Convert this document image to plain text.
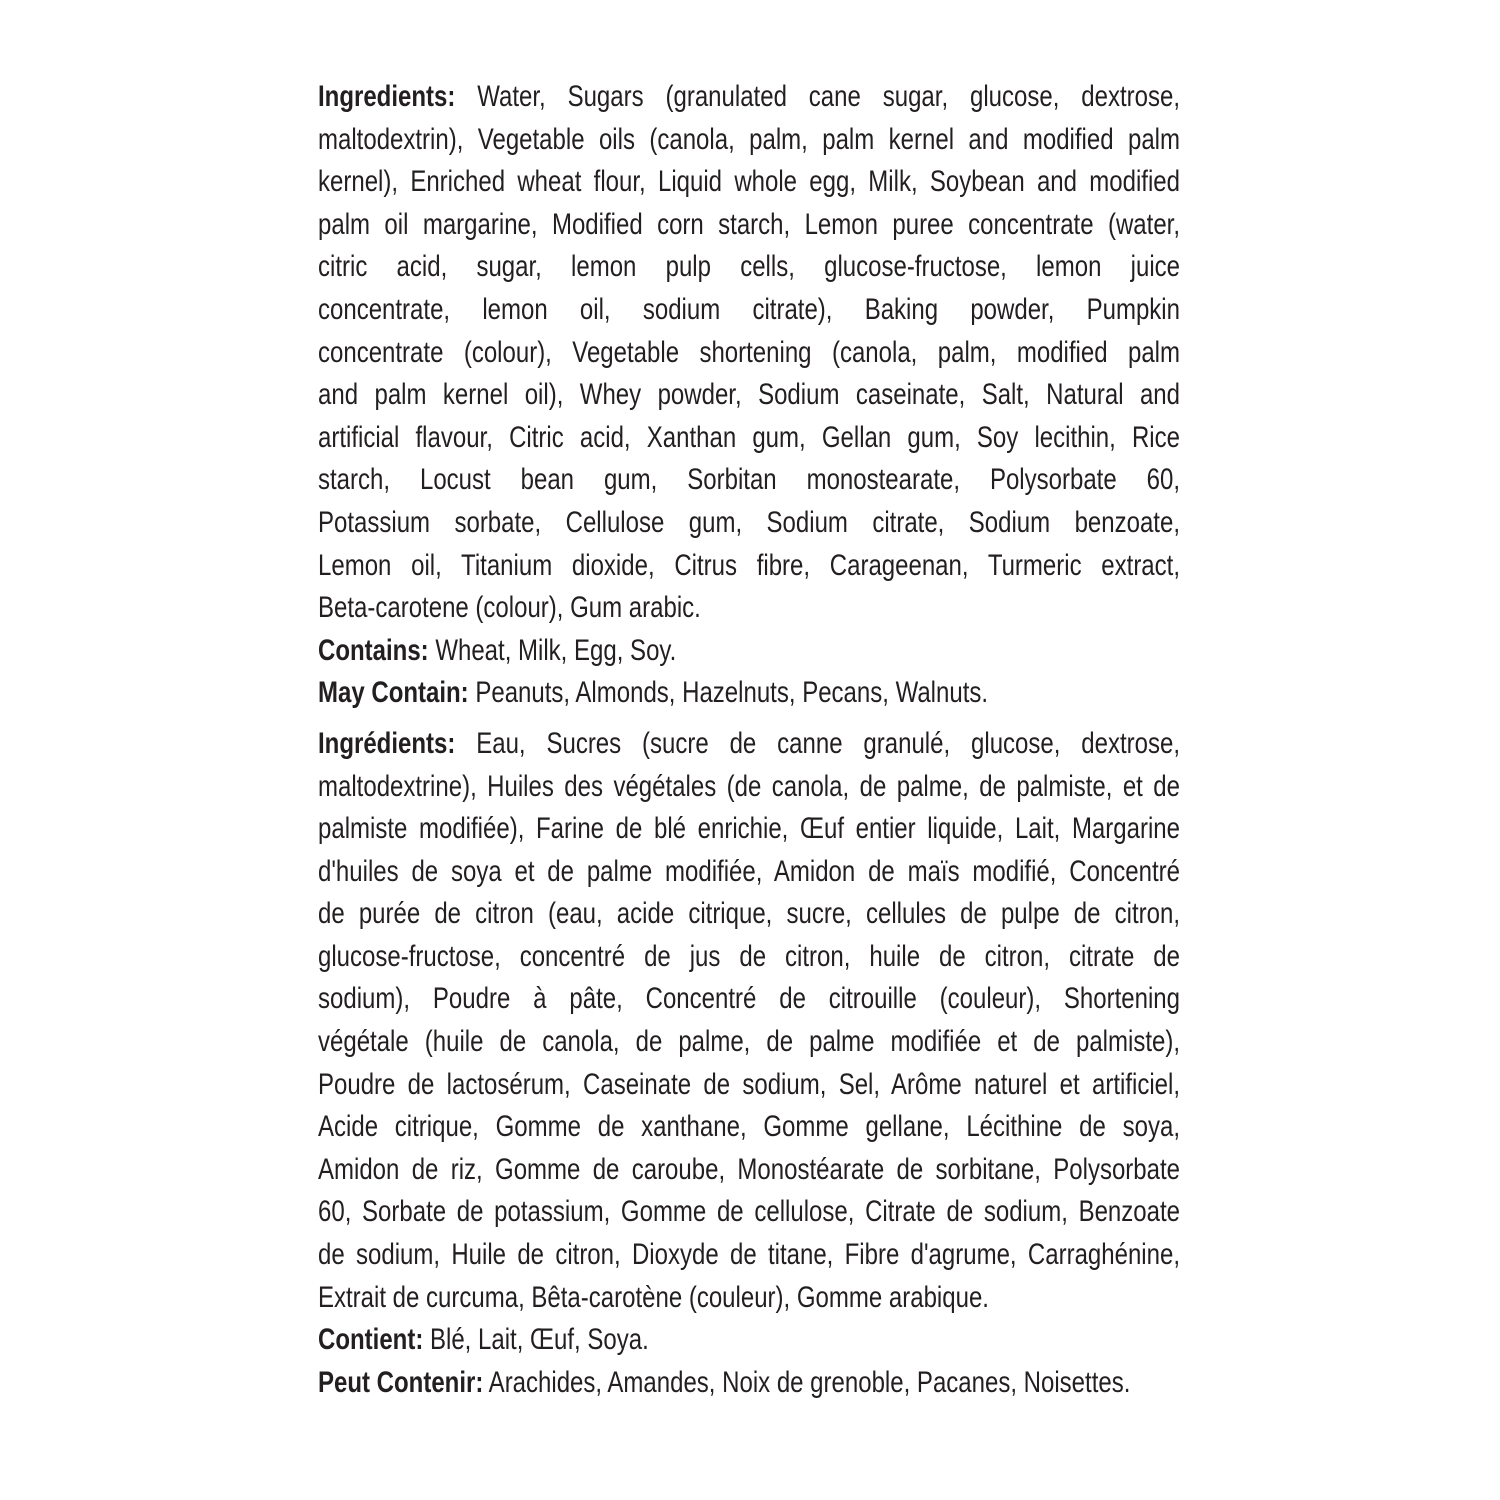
Ingredients: Water, Sugars (granulated cane sugar, glucose, dextrose,
maltodextrin), Vegetable oils (canola, palm, palm kernel and modified palm
kernel), Enriched wheat flour, Liquid whole egg, Milk, Soybean and modified
palm oil margarine, Modified corn starch, Lemon puree concentrate (water,
citric acid, sugar, lemon pulp cells, glucose-fructose, lemon juice
concentrate, lemon oil, sodium citrate), Baking powder, Pumpkin
concentrate (colour), Vegetable shortening (canola, palm, modified palm
and palm kernel oil), Whey powder, Sodium caseinate, Salt, Natural and
artificial flavour, Citric acid, Xanthan gum, Gellan gum, Soy lecithin, Rice
starch, Locust bean gum, Sorbitan monostearate, Polysorbate 60,
Potassium sorbate, Cellulose gum, Sodium citrate, Sodium benzoate,
Lemon oil, Titanium dioxide, Citrus fibre, Carageenan, Turmeric extract,
Beta-carotene (colour), Gum arabic.
Contains: Wheat, Milk, Egg, Soy.
May Contain: Peanuts, Almonds, Hazelnuts, Pecans, Walnuts.
Ingrédients: Eau, Sucres (sucre de canne granulé, glucose, dextrose,
maltodextrine), Huiles des végétales (de canola, de palme, de palmiste, et de
palmiste modifiée), Farine de blé enrichie, Œuf entier liquide, Lait, Margarine
d'huiles de soya et de palme modifiée, Amidon de maïs modifié, Concentré
de purée de citron (eau, acide citrique, sucre, cellules de pulpe de citron,
glucose-fructose, concentré de jus de citron, huile de citron, citrate de
sodium), Poudre à pâte, Concentré de citrouille (couleur), Shortening
végétale (huile de canola, de palme, de palme modifiée et de palmiste),
Poudre de lactosérum, Caseinate de sodium, Sel, Arôme naturel et artificiel,
Acide citrique, Gomme de xanthane, Gomme gellane, Lécithine de soya,
Amidon de riz, Gomme de caroube, Monostéarate de sorbitane, Polysorbate
60, Sorbate de potassium, Gomme de cellulose, Citrate de sodium, Benzoate
de sodium, Huile de citron, Dioxyde de titane, Fibre d'agrume, Carraghénine,
Extrait de curcuma, Bêta-carotène (couleur), Gomme arabique.
Contient: Blé, Lait, Œuf, Soya.
Peut Contenir: Arachides, Amandes, Noix de grenoble, Pacanes, Noisettes.
